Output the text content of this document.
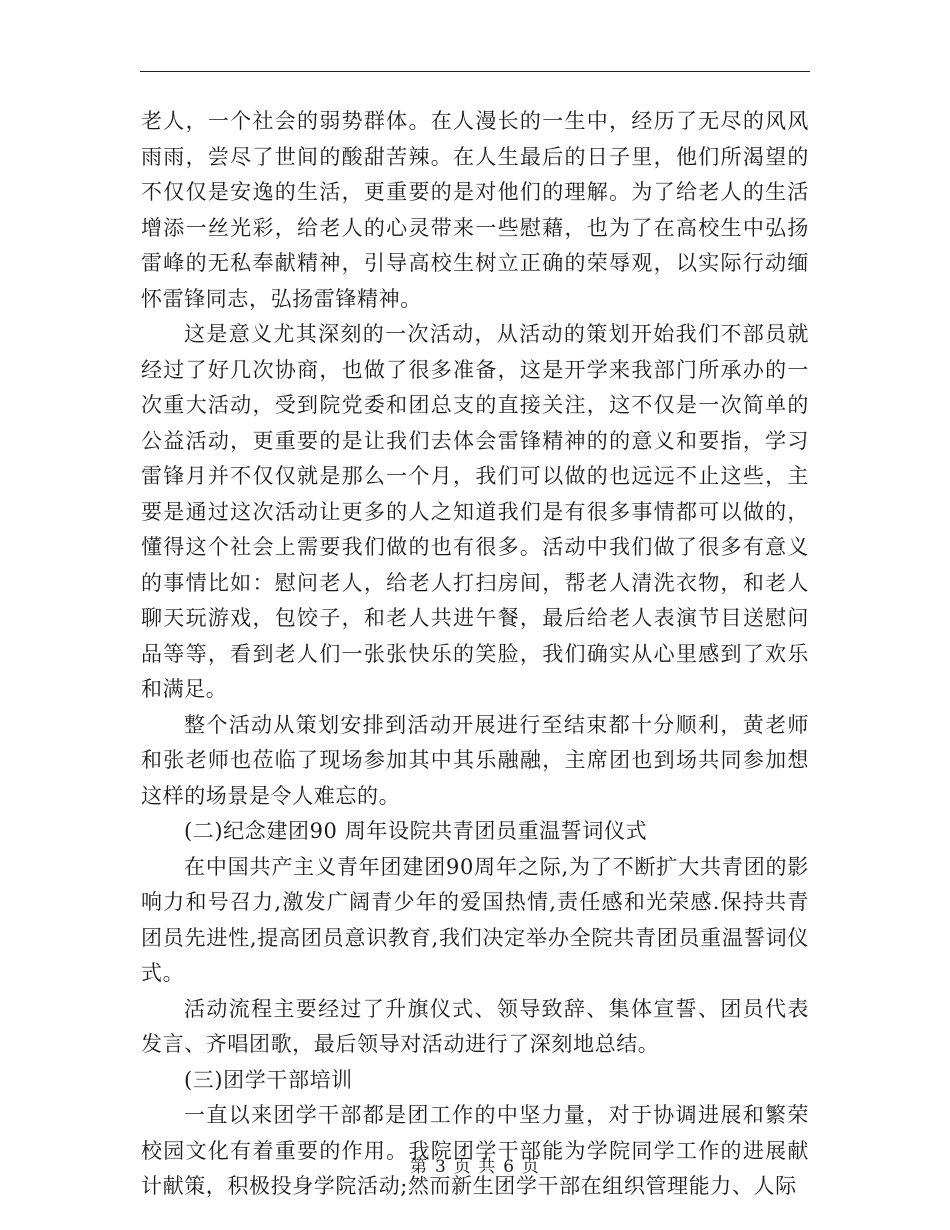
老人，一个社会的弱势群体。在人漫长的一生中，经历了无尽的风风雨雨，尝尽了世间的酸甜苦辣。在人生最后的日子里，他们所渴望的不仅仅是安逸的生活，更重要的是对他们的理解。为了给老人的生活增添一丝光彩，给老人的心灵带来一些慰藉，也为了在高校生中弘扬雷峰的无私奉献精神，引导高校生树立正确的荣辱观，以实际行动缅怀雷锋同志，弘扬雷锋精神。

这是意义尤其深刻的一次活动，从活动的策划开始我们不部员就经过了好几次协商，也做了很多准备，这是开学来我部门所承办的一次重大活动，受到院党委和团总支的直接关注，这不仅是一次简单的公益活动，更重要的是让我们去体会雷锋精神的的意义和要指，学习雷锋月并不仅仅就是那么一个月，我们可以做的也远远不止这些，主要是通过这次活动让更多的人之知道我们是有很多事情都可以做的，懂得这个社会上需要我们做的也有很多。活动中我们做了很多有意义的事情比如：慰问老人，给老人打扫房间，帮老人清洗衣物，和老人聊天玩游戏，包饺子，和老人共进午餐，最后给老人表演节目送慰问品等等，看到老人们一张张快乐的笑脸，我们确实从心里感到了欢乐和满足。

整个活动从策划安排到活动开展进行至结束都十分顺利，黄老师和张老师也莅临了现场参加其中其乐融融，主席团也到场共同参加想这样的场景是令人难忘的。

(二)纪念建团90 周年设院共青团员重温誓词仪式

在中国共产主义青年团建团90周年之际,为了不断扩大共青团的影响力和号召力,激发广阔青少年的爱国热情,责任感和光荣感.保持共青团员先进性,提高团员意识教育,我们决定举办全院共青团员重温誓词仪式。

活动流程主要经过了升旗仪式、领导致辞、集体宣誓、团员代表发言、齐唱团歌，最后领导对活动进行了深刻地总结。

(三)团学干部培训

一直以来团学干部都是团工作的中坚力量，对于协调进展和繁荣校园文化有着重要的作用。我院团学干部能为学院同学工作的进展献计献策，积极投身学院活动;然而新生团学干部在组织管理能力、人际

第 3 页 共 6 页
